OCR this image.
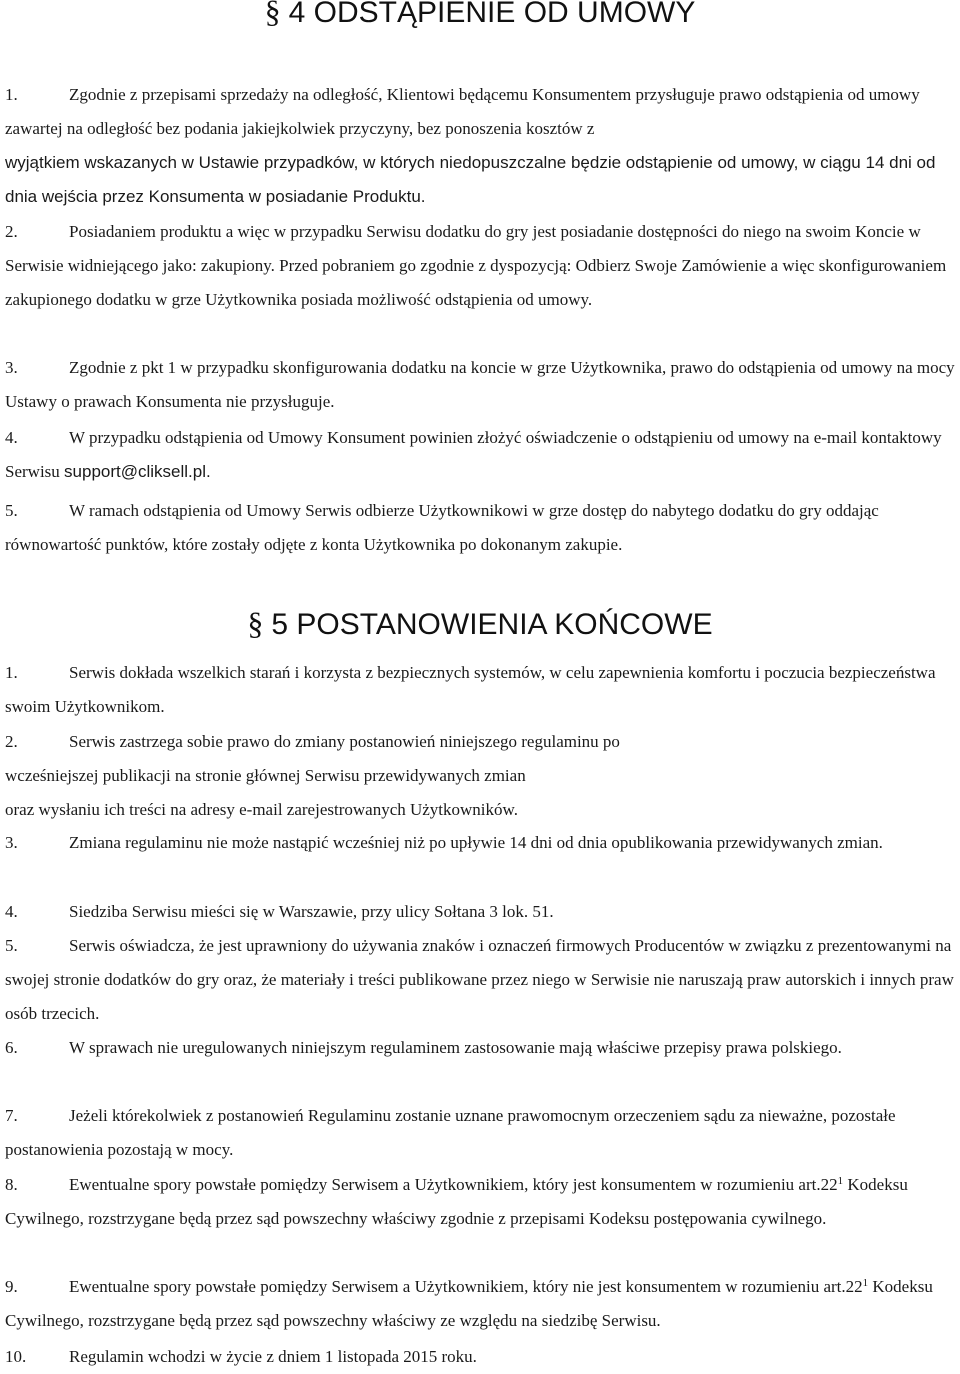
§ 4 ODSTĄPIENIE OD UMOWY

1.	Zgodnie z przepisami sprzedaży na odległość, Klientowi będącemu Konsumentem przysługuje prawo odstąpienia od umowy zawartej na odległość bez podania jakiejkolwiek przyczyny, bez ponoszenia kosztów z
wyjątkiem wskazanych w Ustawie przypadków, w których niedopuszczalne będzie odstąpienie od umowy, w ciągu 14 dni od dnia wejścia przez Konsumenta w posiadanie Produktu.

2.	Posiadaniem produktu a więc w przypadku Serwisu dodatku do gry jest posiadanie dostępności do niego na swoim Koncie w Serwisie widniejącego jako: zakupiony. Przed pobraniem go zgodnie z dyspozycją: Odbierz Swoje Zamówienie a więc skonfigurowaniem zakupionego dodatku w grze Użytkownika posiada możliwość odstąpienia od umowy.

3.	Zgodnie z pkt 1 w przypadku skonfigurowania dodatku na koncie w grze Użytkownika, prawo do odstąpienia od umowy na mocy Ustawy o prawach Konsumenta nie przysługuje.

4.	W przypadku odstąpienia od Umowy Konsument powinien złożyć oświadczenie o odstąpieniu od umowy na e-mail kontaktowy Serwisu support@cliksell.pl.

5.	W ramach odstąpienia od Umowy Serwis odbierze Użytkownikowi w grze dostęp do nabytego dodatku do gry oddając równowartość punktów, które zostały odjęte z konta Użytkownika po dokonanym zakupie.

§ 5 POSTANOWIENIA KOŃCOWE

1.	Serwis dokłada wszelkich starań i korzysta z bezpiecznych systemów, w celu zapewnienia komfortu i poczucia bezpieczeństwa swoim Użytkownikom.

2.	Serwis zastrzega sobie prawo do zmiany postanowień niniejszego regulaminu po
wcześniejszej publikacji na stronie głównej Serwisu przewidywanych zmian
oraz wysłaniu ich treści na adresy e-mail zarejestrowanych Użytkowników.

3.	Zmiana regulaminu nie może nastąpić wcześniej niż po upływie 14 dni od dnia opublikowania przewidywanych zmian.

4.	Siedziba Serwisu mieści się w Warszawie, przy ulicy Sołtana 3 lok. 51.

5.	Serwis oświadcza, że jest uprawniony do używania znaków i oznaczeń firmowych Producentów w związku z prezentowanymi na swojej stronie dodatków do gry oraz, że materiały i treści publikowane przez niego w Serwisie nie naruszają praw autorskich i innych praw osób trzecich.

6.	W sprawach nie uregulowanych niniejszym regulaminem zastosowanie mają właściwe przepisy prawa polskiego.

7.	Jeżeli którekolwiek z postanowień Regulaminu zostanie uznane prawomocnym orzeczeniem sądu za nieważne, pozostałe postanowienia pozostają w mocy.

8.	Ewentualne spory powstałe pomiędzy Serwisem a Użytkownikiem, który jest konsumentem w rozumieniu $art.22^1$ Kodeksu Cywilnego, rozstrzygane będą przez sąd powszechny właściwy zgodnie z przepisami Kodeksu postępowania cywilnego.

9.	Ewentualne spory powstałe pomiędzy Serwisem a Użytkownikiem, który nie jest konsumentem w rozumieniu $art.22^1$ Kodeksu Cywilnego, rozstrzygane będą przez sąd powszechny właściwy ze względu na siedzibę Serwisu.

10.	Regulamin wchodzi w życie z dniem 1 listopada 2015 roku.
